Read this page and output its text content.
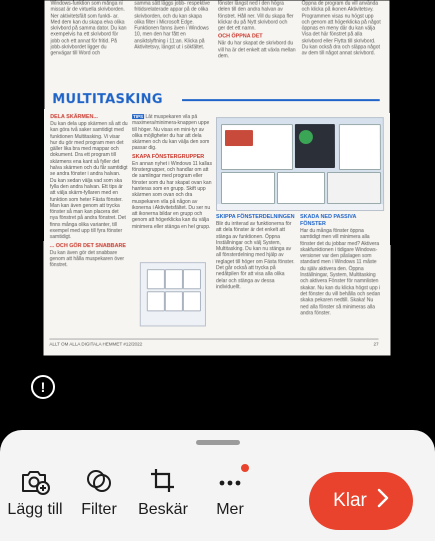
Windows-funktion som många ni missat är de virtuella skrivborden. Ner aktivitetsfält som funkti- ar. Med dem kan du skapa elva olika skrivbord på samma dator. Du kan exempelvis ha ett skrivbord för jobb och ett annat för fritid. På jobb-skrivbordet ligger du genvägar till Word och

samma sätt läggs jobb- respektive fritidsrelaterade appar på de olika skrivborden, och du kan skapa olika filter i Microsoft Edge. Funktionen fanns även i Windows 10, men den har fått en ansiktslyftning i 11:an. Klicka på Aktivitetsvy, längst ut i sökfältet.

fönster längst ned i den högra delen till den andra halvan av fönstret. Håll ner. Vill du skapa fler klickar du på Nytt skrivbord och ger det ett namn.

OCH ÖPPNA DET

När du har skapat de skrivbord du vill ha är det enkelt att växla mellan dem.

Öppna de program du vill använda och klicka på ikonen Aktivitetsvy. Programmen visas nu högst upp och genom att högerklicka på något öppnas en meny där du kan välja Visa det här fönstret på alla skrivbord eller Flytta till skrivbord. Du kan också dra och släppa något av dem till något annat skrivbord.

MULTITASKING
DELA SKÄRMEN...

Du kan dela upp skärmen så att du kan göra två saker samtidigt med funktionen Multitasking. Vi visar hur du gör med program men det gäller lika bra med mappar och dokument. Dra ett program till skärmens ena kant så fyller det halva skärmen och du får samtidigt se andra fönster i andra halvan. Du kan sedan välja vad som ska fylla den andra halvan. Ett tips är att välja skärm-fyllaren med en funktion som heter Fästa fönster. Man kan även genom att trycka fönster så man kan placera det nya fönstret på andra fönstret. Det finns många olika varianter, till exempel med upp till fyra fönster samtidigt.

... OCH GÖR DET SNABBARE

Du kan även gör det snabbare genom att hålla muspekaren över fönstret.

TIPS Låt muspekaren vila på maximera/minimera-knappen uppe till höger. Nu visas en mini-tyr av olika möjligheter du har att dela skärmen och du kan välja den som passar dig.

SKAPA FÖNSTERGRUPPER

En annan nyhet i Windows 11 kallas fönstergrupper, och handlar om att de samlingar med program eller fönster som du har skapat ovan kan hanteras som en grupp. Skift upp skärmen som ovan och dra muspekaren vila på någon av ikonerna i Aktivitetsfältet. Du ser nu att ikonerna bildar en grupp och genom att högerklicka kan du välja minimera eller stänga en hel grupp.

SKIPPA FÖNSTERDELNINGEN

Blir du irriterad av funktionerna för att dela fönster är det enkelt att stänga av funktionen. Öppna Inställningar och välj System, Multitasking. Du kan nu stänga av all fönsterdelning med hjälp av reglaget till höger om Fästa fönster. Det går också att trycka på nedåtpilen för att visa alla olika delar och stänga av dessa individuellt.

SKADA NED PASSIVA FÖNSTER

Har du många fönster öppna samtidigt men vill minimera alla fönster det du jobbar med? Aktivera skakfunktionen i tidigare Windows-versioner var den påslagen som standard men i Windows 11 måste du själv aktivera den. Öppna Inställningar, System, Multitasking och aktivera Fönster för namnlisten skakar. Nu kan du klicka högst upp i det fönster du vill behålla och sedan skaka pekaren nedtill. Skaka! Nu ned alla fönster så minimeras alla andra fönster.

ALLT OM ALLA DIGITALA HEMMET #12/2022	27
!
Lägg till	Filter	Beskär	Mer	Klar
